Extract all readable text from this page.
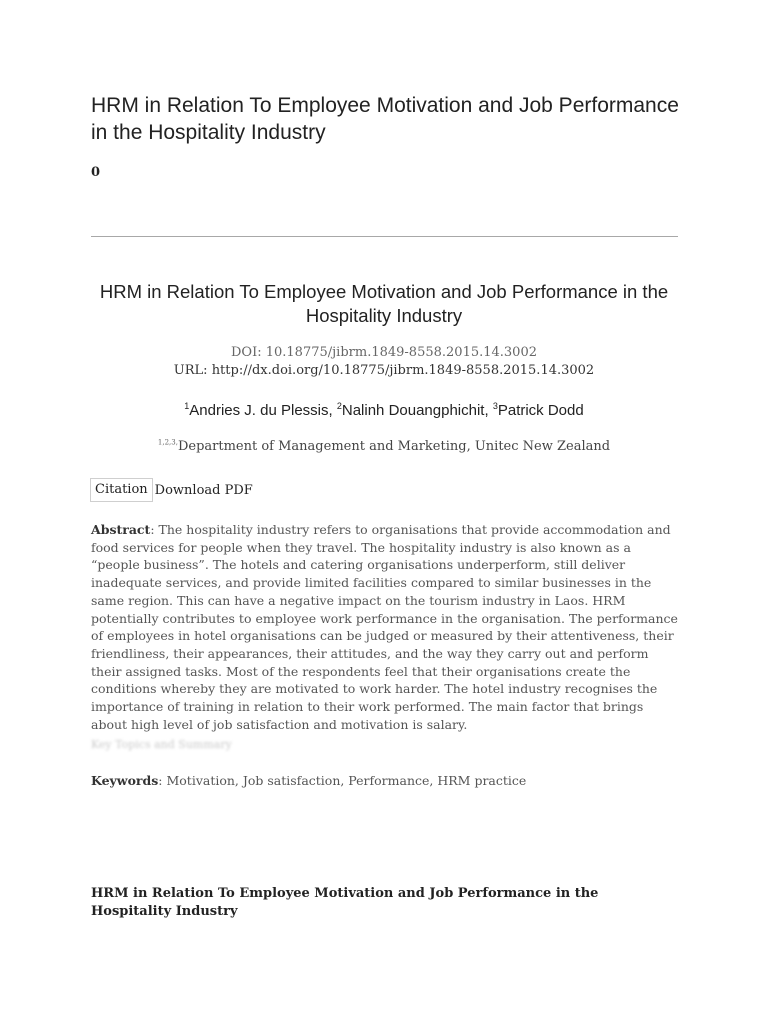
HRM in Relation To Employee Motivation and Job Performance in the Hospitality Industry
0
HRM in Relation To Employee Motivation and Job Performance in the Hospitality Industry
DOI: 10.18775/jibrm.1849-8558.2015.14.3002
URL: http://dx.doi.org/10.18775/jibrm.1849-8558.2015.14.3002
$^1$Andries J. du Plessis, $^2$Nalinh Douangphichit, $^3$Patrick Dodd
$^{1,2,3,}$Department of Management and Marketing, Unitec New Zealand
Citation Download PDF

Abstract: The hospitality industry refers to organisations that provide accommodation and food services for people when they travel. The hospitality industry is also known as a “people business”. The hotels and catering organisations underperform, still deliver inadequate services, and provide limited facilities compared to similar businesses in the same region. This can have a negative impact on the tourism industry in Laos. HRM potentially contributes to employee work performance in the organisation. The performance of employees in hotel organisations can be judged or measured by their attentiveness, their friendliness, their appearances, their attitudes, and the way they carry out and perform their assigned tasks. Most of the respondents feel that their organisations create the conditions whereby they are motivated to work harder. The hotel industry recognises the importance of training in relation to their work performed. The main factor that brings about high level of job satisfaction and motivation is salary.

Key Topics and Summary
Keywords: Motivation, Job satisfaction, Performance, HRM practice
HRM in Relation To Employee Motivation and Job Performance in the Hospitality Industry
